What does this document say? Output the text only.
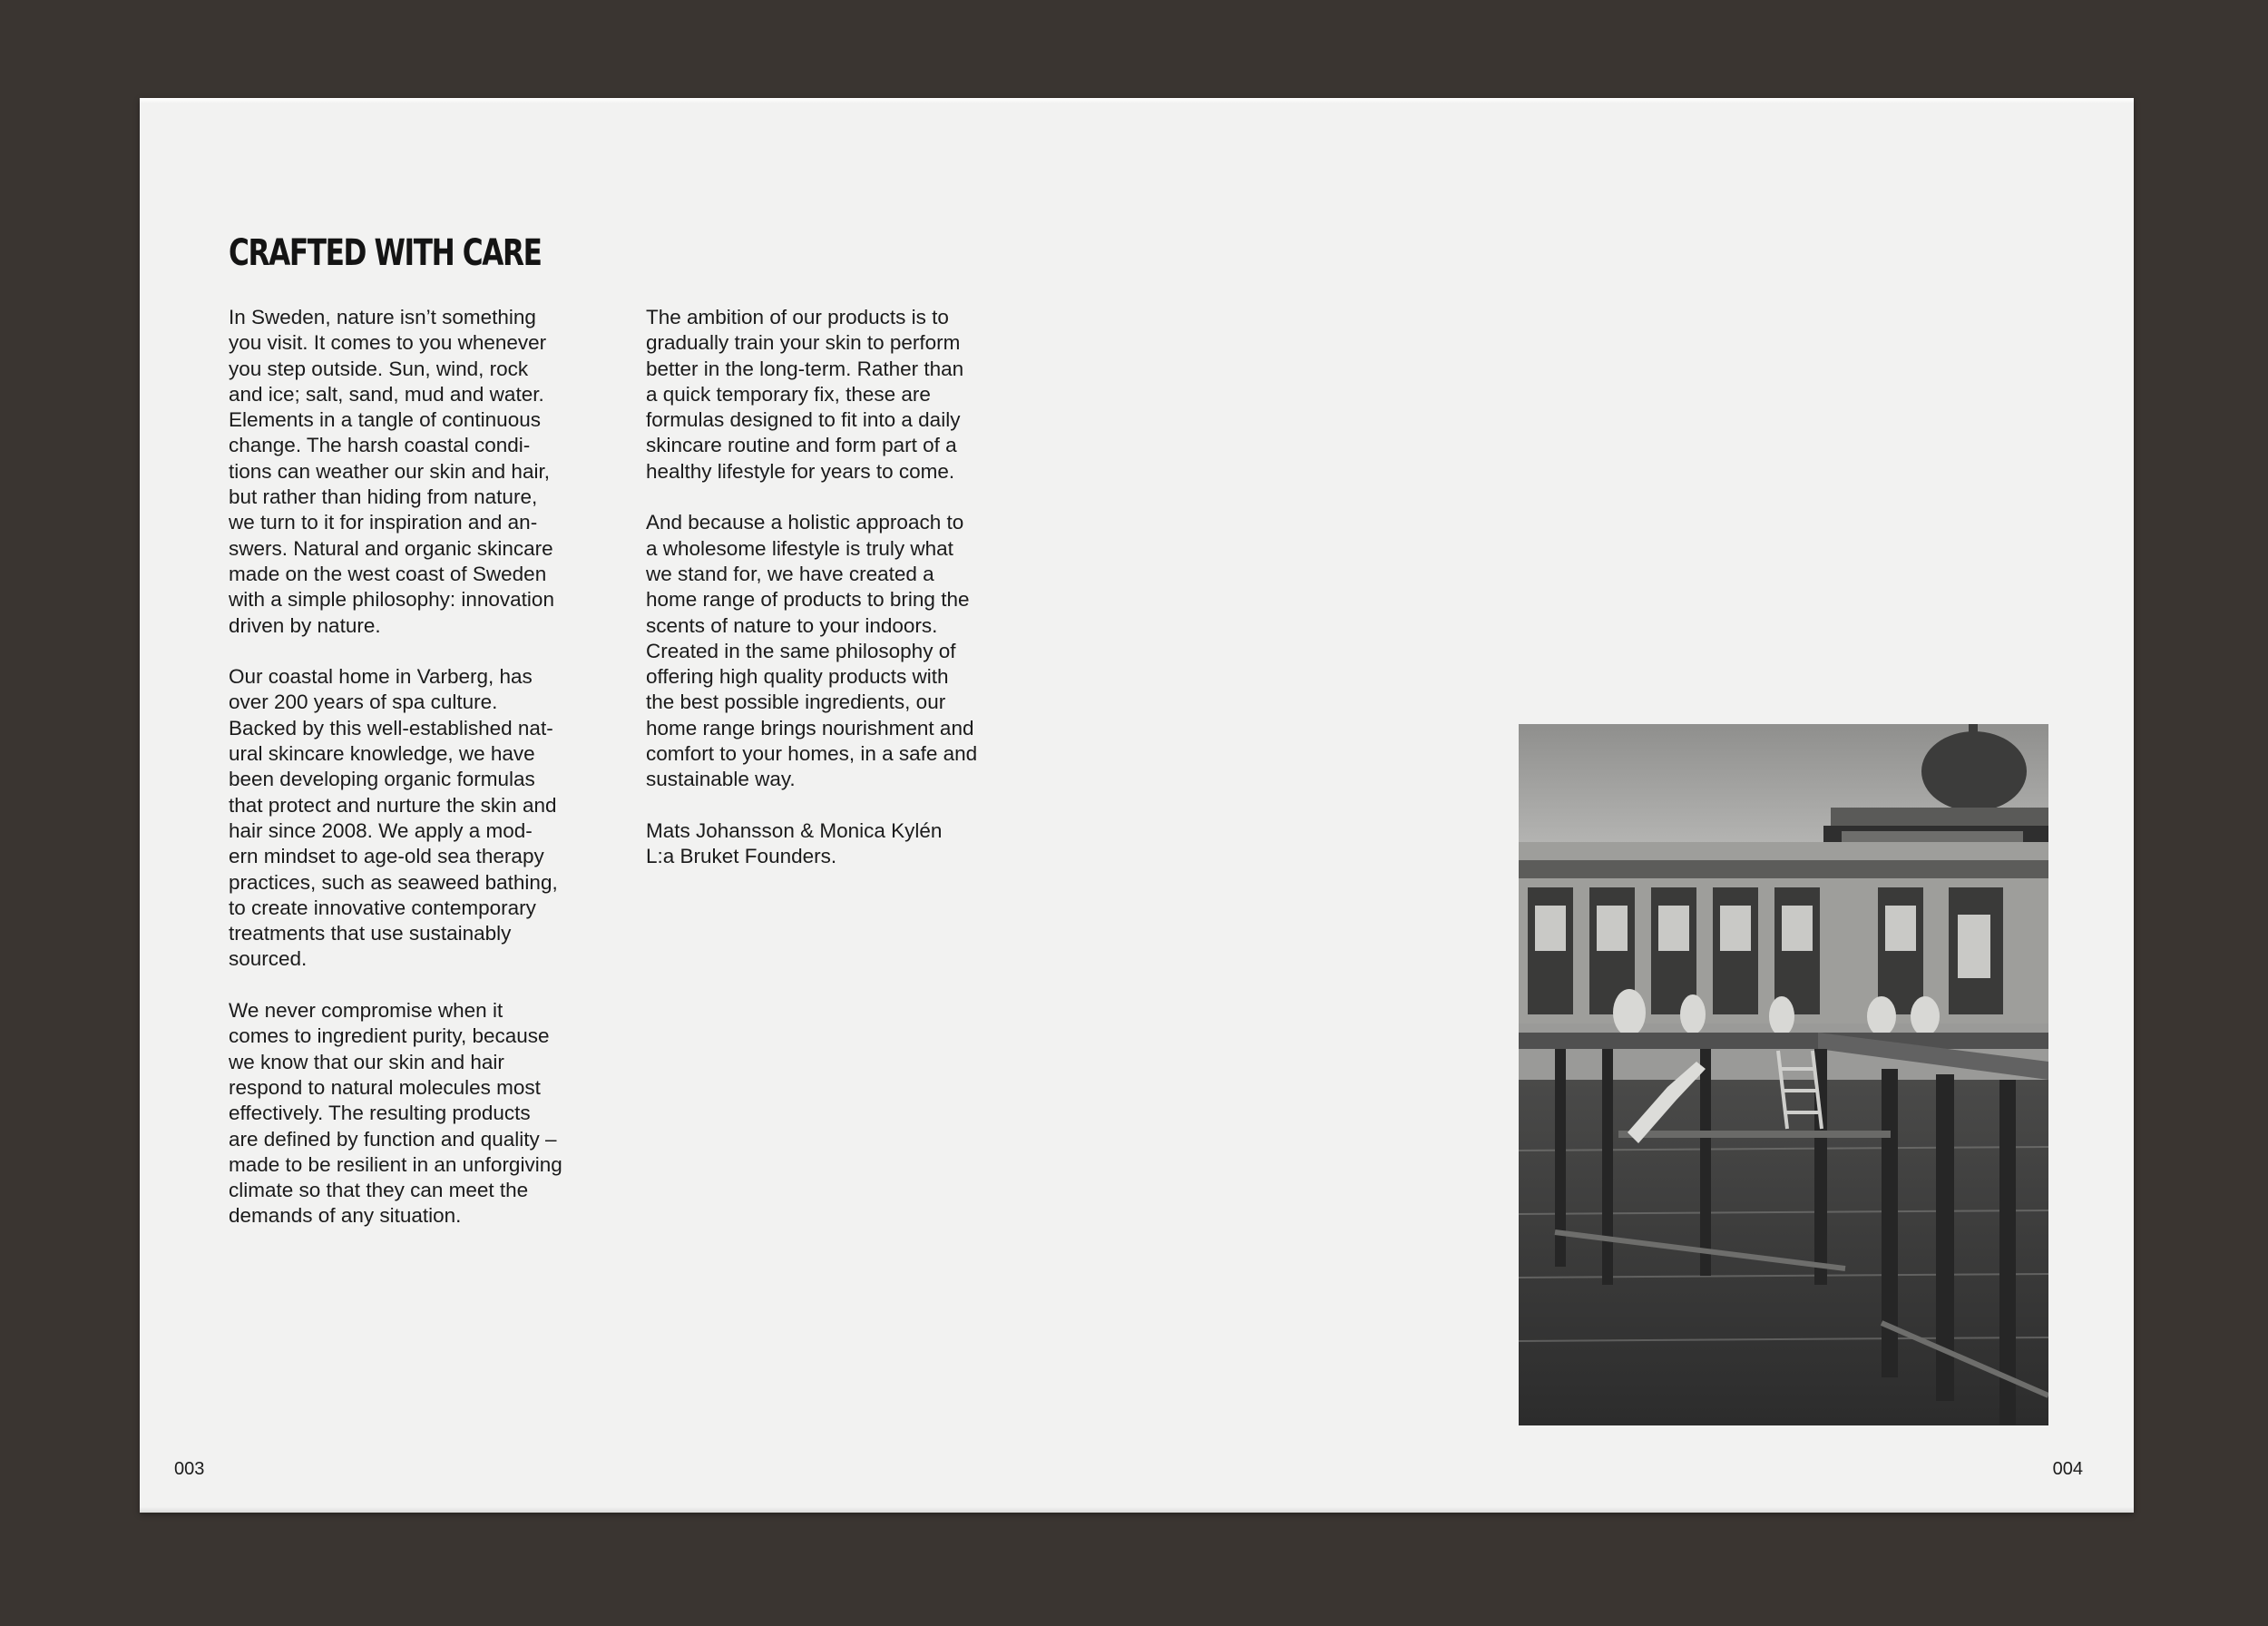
CRAFTED WITH CARE

In Sweden, nature isn’t something
you visit. It comes to you whenever
you step outside. Sun, wind, rock
and ice; salt, sand, mud and water.
Elements in a tangle of continuous
change. The harsh coastal condi-
tions can weather our skin and hair,
but rather than hiding from nature,
we turn to it for inspiration and an-
swers. Natural and organic skincare
made on the west coast of Sweden
with a simple philosophy: innovation
driven by nature.

Our coastal home in Varberg, has
over 200 years of spa culture.
Backed by this well-established nat-
ural skincare knowledge, we have
been developing organic formulas
that protect and nurture the skin and
hair since 2008. We apply a mod-
ern mindset to age-old sea therapy
practices, such as seaweed bathing,
to create innovative contemporary
treatments that use sustainably
sourced.

We never compromise when it
comes to ingredient purity, because
we know that our skin and hair
respond to natural molecules most
effectively. The resulting products
are defined by function and quality –
made to be resilient in an unforgiving
climate so that they can meet the
demands of any situation.

The ambition of our products is to
gradually train your skin to perform
better in the long-term. Rather than
a quick temporary fix, these are
formulas designed to fit into a daily
skincare routine and form part of a
healthy lifestyle for years to come.

And because a holistic approach to
a wholesome lifestyle is truly what
we stand for, we have created a
home range of products to bring the
scents of nature to your indoors.
Created in the same philosophy of
offering high quality products with
the best possible ingredients, our
home range brings nourishment and
comfort to your homes, in a safe and
sustainable way.

Mats Johansson & Monica Kylén
L:a Bruket Founders.
003	004
